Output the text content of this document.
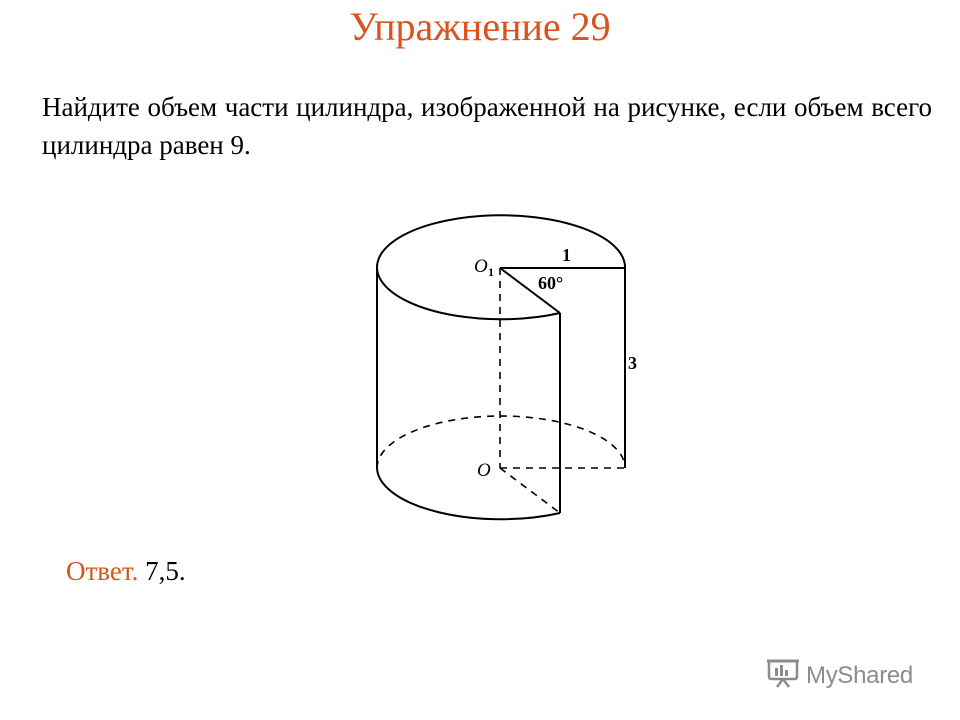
Упражнение 29
Найдите объем части цилиндра, изображенной на рисунке, если объем всего цилиндра равен 9.
O 1
O
1
60°
3
Ответ. 7,5.
MyShared
